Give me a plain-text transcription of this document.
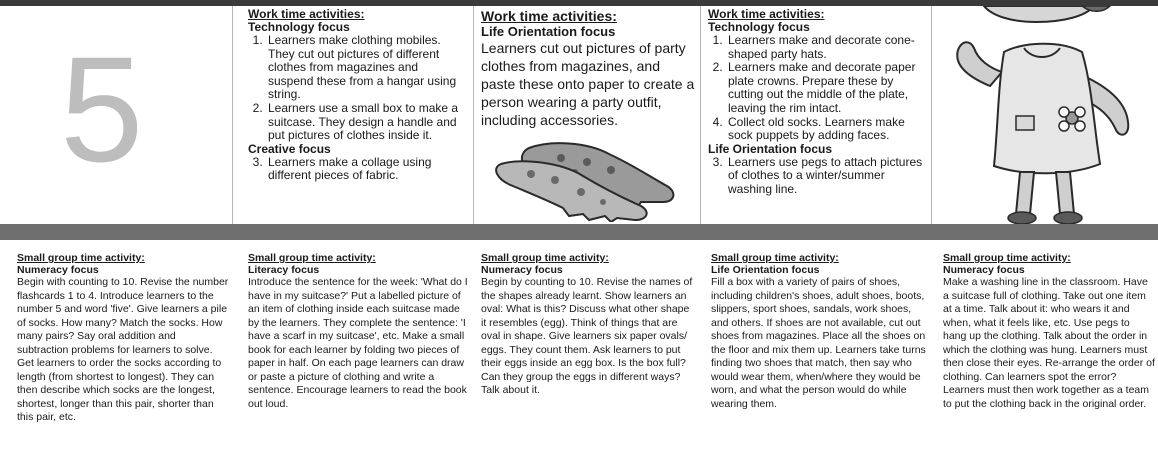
5

Work time activities:

Technology focus

1. Learners make clothing mobiles. They cut out pictures of different clothes from magazines and suspend these from a hangar using string.
2. Learners use a small box to make a suitcase. They design a handle and put pictures of clothes inside it.

Creative focus

3. Learners make a collage using different pieces of fabric.

Work time activities:

Life Orientation focus

Learners cut out pictures of party clothes from magazines, and paste these onto paper to create a person wearing a party outfit, including accessories.

Work time activities:

Technology focus

1. Learners make and decorate cone-shaped party hats.
2. Learners make and decorate paper plate crowns. Prepare these by cutting out the middle of the plate, leaving the rim intact.
4. Collect old socks. Learners make sock puppets by adding faces.

Life Orientation focus

3. Learners use pegs to attach pictures of clothes to a winter/summer washing line.

Small group time activity:

Numeracy focus

Begin with counting to 10. Revise the number flashcards 1 to 4. Introduce learners to the number 5 and word 'five'. Give learners a pile of socks. How many? Match the socks. How many pairs? Say oral addition and subtraction problems for learners to solve. Get learners to order the socks according to length (from shortest to longest). They can then describe which socks are the longest, shortest, longer than this pair, shorter than this pair, etc.

Small group time activity:

Literacy focus

Introduce the sentence for the week: 'What do I have in my suitcase?' Put a labelled picture of an item of clothing inside each suitcase made by the learners. They complete the sentence: 'I have a scarf in my suitcase', etc. Make a small book for each learner by folding two pieces of paper in half. On each page learners can draw or paste a picture of clothing and write a sentence. Encourage learners to read the book out loud.

Small group time activity:

Numeracy focus

Begin by counting to 10. Revise the names of the shapes already learnt. Show learners an oval: What is this? Discuss what other shape it resembles (egg). Think of things that are oval in shape. Give learners six paper ovals/ eggs. They count them. Ask learners to put their eggs inside an egg box. Is the box full? Can they group the eggs in different ways? Talk about it.

Small group time activity:

Life Orientation focus

Fill a box with a variety of pairs of shoes, including children's shoes, adult shoes, boots, slippers, sport shoes, sandals, work shoes, and others. If shoes are not available, cut out shoes from magazines. Place all the shoes on the floor and mix them up. Learners take turns finding two shoes that match, then say who would wear them, when/where they would be worn, and what the person would do while wearing them.

Small group time activity:

Numeracy focus

Make a washing line in the classroom. Have a suitcase full of clothing. Take out one item at a time. Talk about it: who wears it and when, what it feels like, etc. Use pegs to hang up the clothing. Talk about the order in which the clothing was hung. Learners must then close their eyes. Re-arrange the order of clothing. Can learners spot the error? Learners must then work together as a team to put the clothing back in the original order.
